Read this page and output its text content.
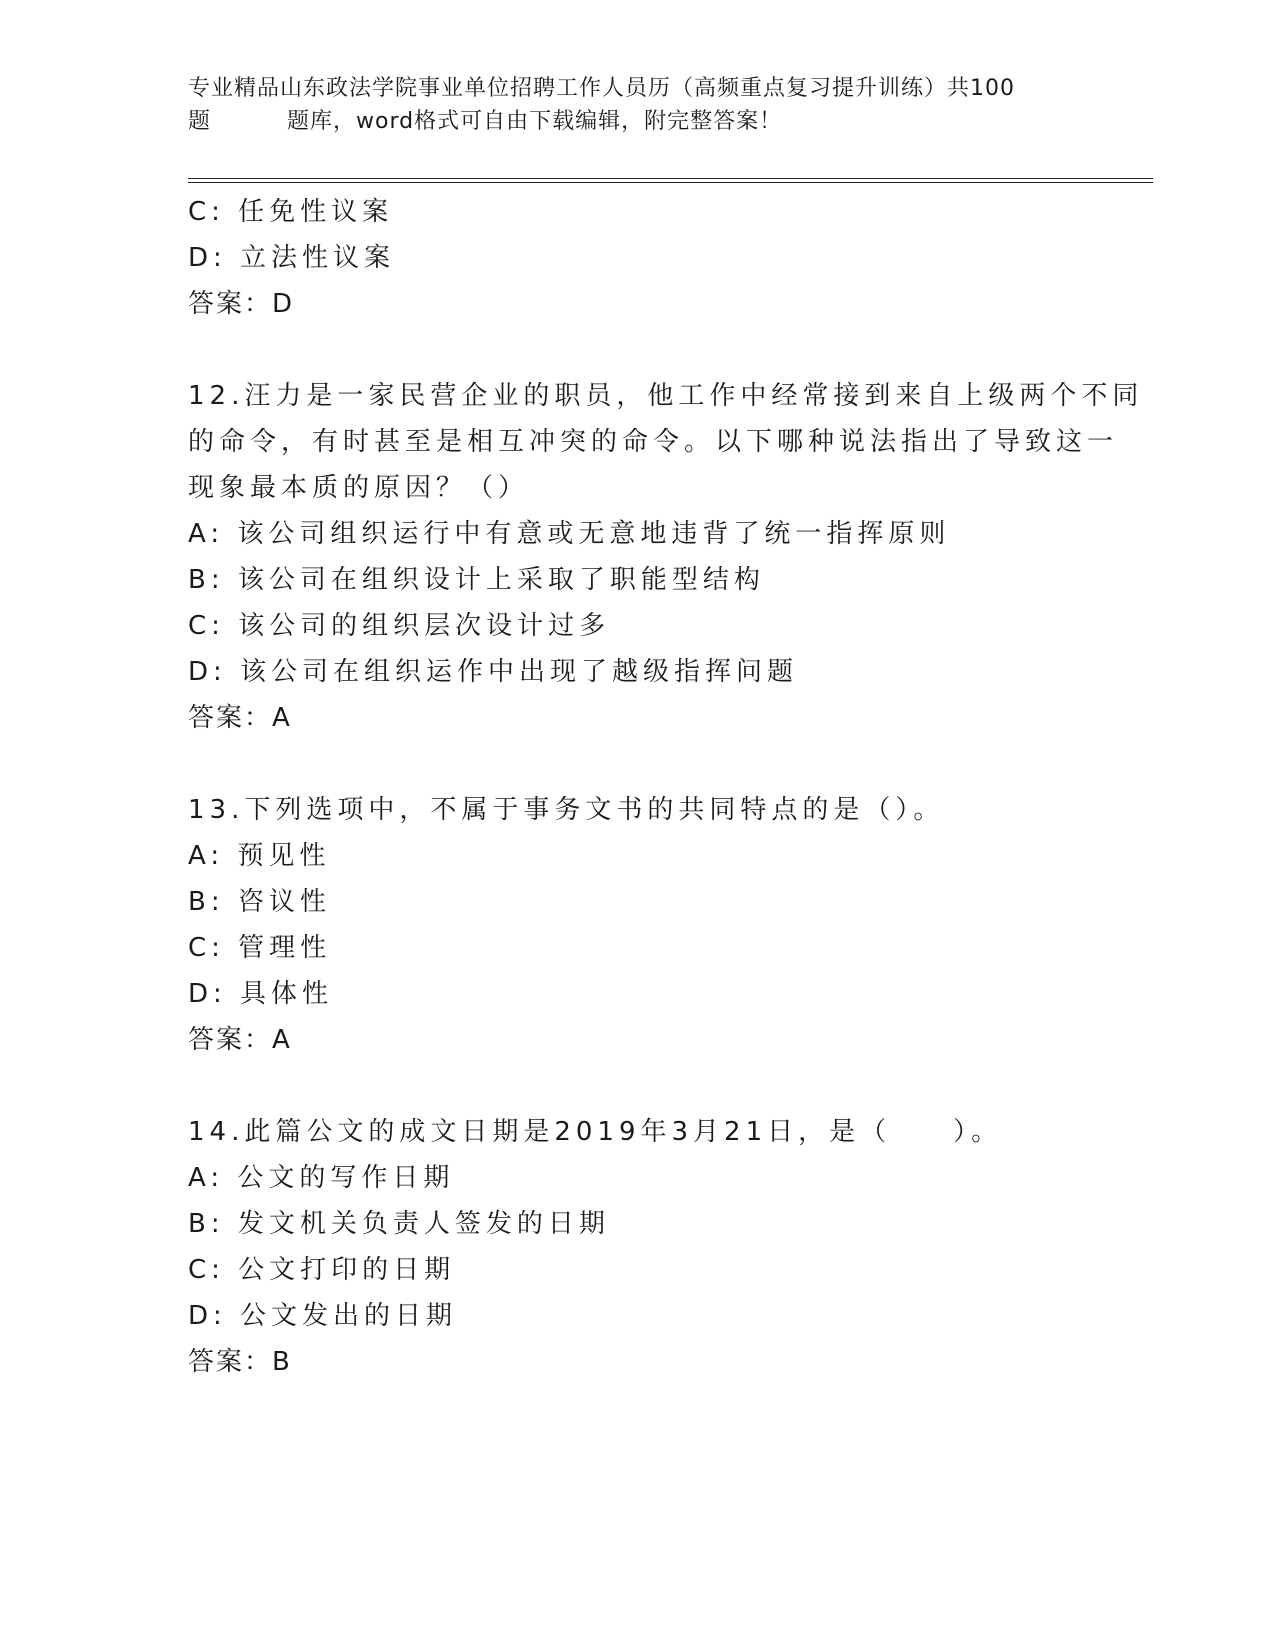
专业精品山东政法学院事业单位招聘工作人员历（高频重点复习提升训练）共100
题	题库，word格式可自由下载编辑，附完整答案！
C: 任免性议案
D: 立法性议案
答案：D
12.汪力是一家民营企业的职员，他工作中经常接到来自上级两个不同
的命令，有时甚至是相互冲突的命令。以下哪种说法指出了导致这一
现象最本质的原因？（）
A: 该公司组织运行中有意或无意地违背了统一指挥原则
B: 该公司在组织设计上采取了职能型结构
C: 该公司的组织层次设计过多
D: 该公司在组织运作中出现了越级指挥问题
答案：A
13.下列选项中，不属于事务文书的共同特点的是（）。
A: 预见性
B: 咨议性
C: 管理性
D: 具体性
答案：A
14.此篇公文的成文日期是2019年3月21日，是（　　）。
A: 公文的写作日期
B: 发文机关负责人签发的日期
C: 公文打印的日期
D: 公文发出的日期
答案：B
